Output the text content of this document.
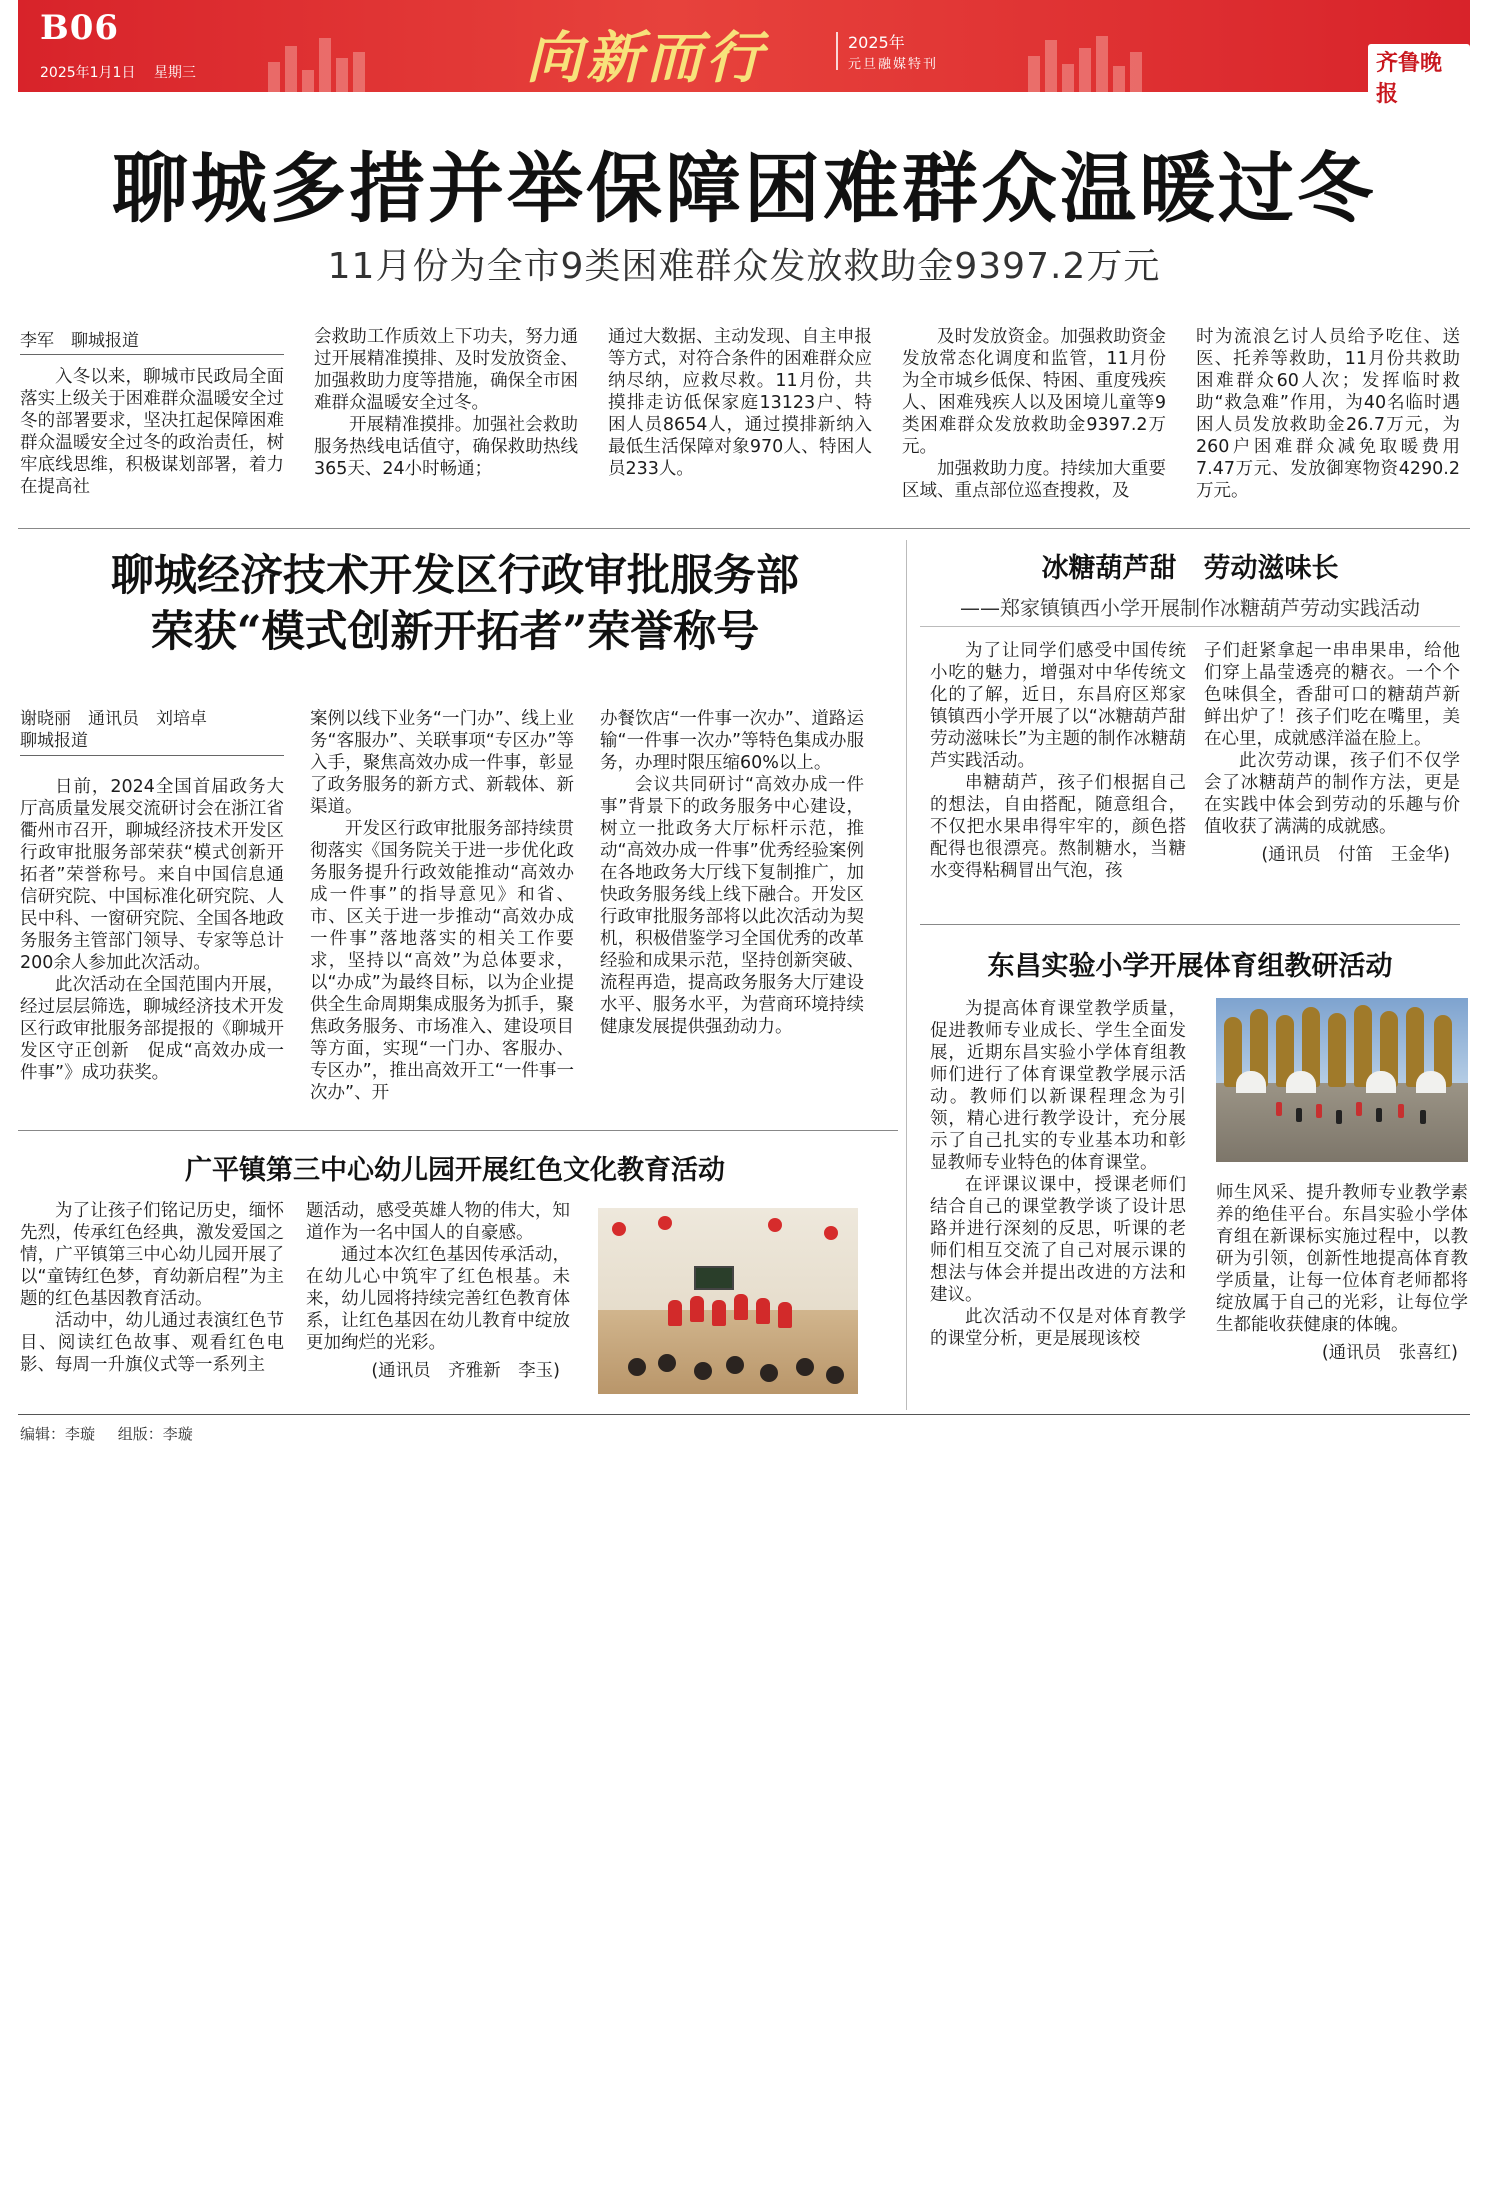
B06
2025年1月1日 星期三	向新而行	2025年
元旦融媒特刊	齐鲁晚报
聊城多措并举保障困难群众温暖过冬
11月份为全市9类困难群众发放救助金9397.2万元
李军　聊城报道

入冬以来，聊城市民政局全面落实上级关于困难群众温暖安全过冬的部署要求，坚决扛起保障困难群众温暖安全过冬的政治责任，树牢底线思维，积极谋划部署，着力在提高社

会救助工作质效上下功夫，努力通过开展精准摸排、及时发放资金、加强救助力度等措施，确保全市困难群众温暖安全过冬。

开展精准摸排。加强社会救助服务热线电话值守，确保救助热线365天、24小时畅通；

通过大数据、主动发现、自主申报等方式，对符合条件的困难群众应纳尽纳，应救尽救。11月份，共摸排走访低保家庭13123户、特困人员8654人，通过摸排新纳入最低生活保障对象970人、特困人员233人。

及时发放资金。加强救助资金发放常态化调度和监管，11月份为全市城乡低保、特困、重度残疾人、困难残疾人以及困境儿童等9类困难群众发放救助金9397.2万元。

加强救助力度。持续加大重要区域、重点部位巡查搜救，及

时为流浪乞讨人员给予吃住、送医、托养等救助，11月份共救助困难群众60人次；发挥临时救助“救急难”作用，为40名临时遇困人员发放救助金26.7万元，为260户困难群众减免取暖费用7.47万元、发放御寒物资4290.2万元。

聊城经济技术开发区行政审批服务部
荣获“模式创新开拓者”荣誉称号
谢晓丽　通讯员　刘培卓
聊城报道

日前，2024全国首届政务大厅高质量发展交流研讨会在浙江省衢州市召开，聊城经济技术开发区行政审批服务部荣获“模式创新开拓者”荣誉称号。来自中国信息通信研究院、中国标准化研究院、人民中科、一窗研究院、全国各地政务服务主管部门领导、专家等总计200余人参加此次活动。

此次活动在全国范围内开展，经过层层筛选，聊城经济技术开发区行政审批服务部提报的《聊城开发区守正创新　促成“高效办成一件事”》成功获奖。

案例以线下业务“一门办”、线上业务“客服办”、关联事项“专区办”等入手，聚焦高效办成一件事，彰显了政务服务的新方式、新载体、新渠道。

开发区行政审批服务部持续贯彻落实《国务院关于进一步优化政务服务提升行政效能推动“高效办成一件事”的指导意见》和省、市、区关于进一步推动“高效办成一件事”落地落实的相关工作要求，坚持以“高效”为总体要求，以“办成”为最终目标，以为企业提供全生命周期集成服务为抓手，聚焦政务服务、市场准入、建设项目等方面，实现“一门办、客服办、专区办”，推出高效开工“一件事一次办”、开

办餐饮店“一件事一次办”、道路运输“一件事一次办”等特色集成办服务，办理时限压缩60%以上。

会议共同研讨“高效办成一件事”背景下的政务服务中心建设，树立一批政务大厅标杆示范，推动“高效办成一件事”优秀经验案例在各地政务大厅线下复制推广，加快政务服务线上线下融合。开发区行政审批服务部将以此次活动为契机，积极借鉴学习全国优秀的改革经验和成果示范，坚持创新突破、流程再造，提高政务服务大厅建设水平、服务水平，为营商环境持续健康发展提供强劲动力。

冰糖葫芦甜　劳动滋味长
——郑家镇镇西小学开展制作冰糖葫芦劳动实践活动

为了让同学们感受中国传统小吃的魅力，增强对中华传统文化的了解，近日，东昌府区郑家镇镇西小学开展了以“冰糖葫芦甜　劳动滋味长”为主题的制作冰糖葫芦实践活动。

串糖葫芦，孩子们根据自己的想法，自由搭配，随意组合，不仅把水果串得牢牢的，颜色搭配得也很漂亮。熬制糖水，当糖水变得粘稠冒出气泡，孩

子们赶紧拿起一串串果串，给他们穿上晶莹透亮的糖衣。一个个色味俱全，香甜可口的糖葫芦新鲜出炉了！孩子们吃在嘴里，美在心里，成就感洋溢在脸上。

此次劳动课，孩子们不仅学会了冰糖葫芦的制作方法，更是在实践中体会到劳动的乐趣与价值收获了满满的成就感。

(通讯员　付笛　王金华)

东昌实验小学开展体育组教研活动

为提高体育课堂教学质量，促进教师专业成长、学生全面发展，近期东昌实验小学体育组教师们进行了体育课堂教学展示活动。教师们以新课程理念为引领，精心进行教学设计，充分展示了自己扎实的专业基本功和彰显教师专业特色的体育课堂。

在评课议课中，授课老师们结合自己的课堂教学谈了设计思路并进行深刻的反思，听课的老师们相互交流了自己对展示课的想法与体会并提出改进的方法和建议。

此次活动不仅是对体育教学的课堂分析，更是展现该校

师生风采、提升教师专业教学素养的绝佳平台。东昌实验小学体育组在新课标实施过程中，以教研为引领，创新性地提高体育教学质量，让每一位体育老师都将绽放属于自己的光彩，让每位学生都能收获健康的体魄。

(通讯员　张喜红)

广平镇第三中心幼儿园开展红色文化教育活动

为了让孩子们铭记历史，缅怀先烈，传承红色经典，激发爱国之情，广平镇第三中心幼儿园开展了以“童铸红色梦，育幼新启程”为主题的红色基因教育活动。

活动中，幼儿通过表演红色节目、阅读红色故事、观看红色电影、每周一升旗仪式等一系列主

题活动，感受英雄人物的伟大，知道作为一名中国人的自豪感。

通过本次红色基因传承活动，在幼儿心中筑牢了红色根基。未来，幼儿园将持续完善红色教育体系，让红色基因在幼儿教育中绽放更加绚烂的光彩。

(通讯员　齐雅新　李玉)

编辑：李璇 组版：李璇
